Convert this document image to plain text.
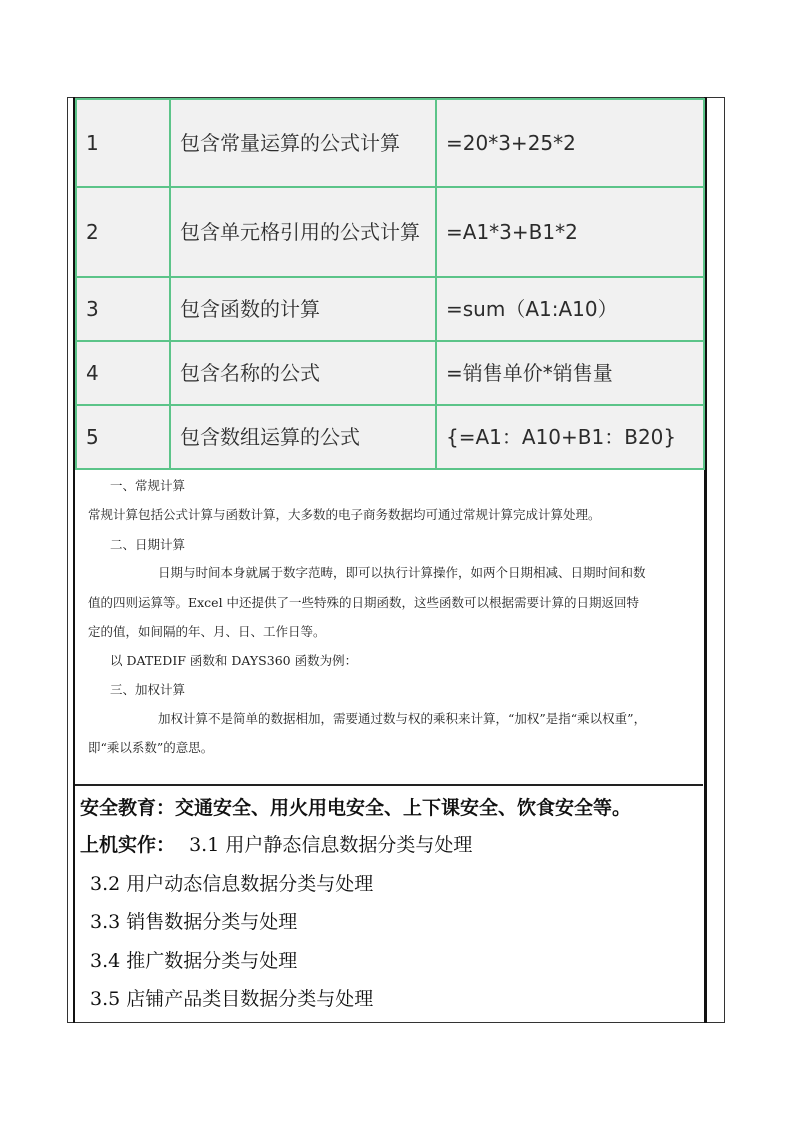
1	包含常量运算的公式计算	=20*3+25*2
2	包含单元格引用的公式计算	=A1*3+B1*2
3	包含函数的计算	=sum（A1:A10）
4	包含名称的公式	=销售单价*销售量
5	包含数组运算的公式	{=A1：A10+B1：B20}
一、常规计算
常规计算包括公式计算与函数计算，大多数的电子商务数据均可通过常规计算完成计算处理。
二、日期计算
日期与时间本身就属于数字范畴，即可以执行计算操作，如两个日期相减、日期时间和数
值的四则运算等。Excel 中还提供了一些特殊的日期函数，这些函数可以根据需要计算的日期返回特
定的值，如间隔的年、月、日、工作日等。
以 DATEDIF 函数和 DAYS360 函数为例：
三、加权计算
加权计算不是简单的数据相加，需要通过数与权的乘积来计算，“加权”是指“乘以权重”，
即“乘以系数”的意思。
安全教育：交通安全、用火用电安全、上下课安全、饮食安全等。
上机实作： 3.1 用户静态信息数据分类与处理
3.2 用户动态信息数据分类与处理
3.3 销售数据分类与处理
3.4 推广数据分类与处理
3.5 店铺产品类目数据分类与处理
